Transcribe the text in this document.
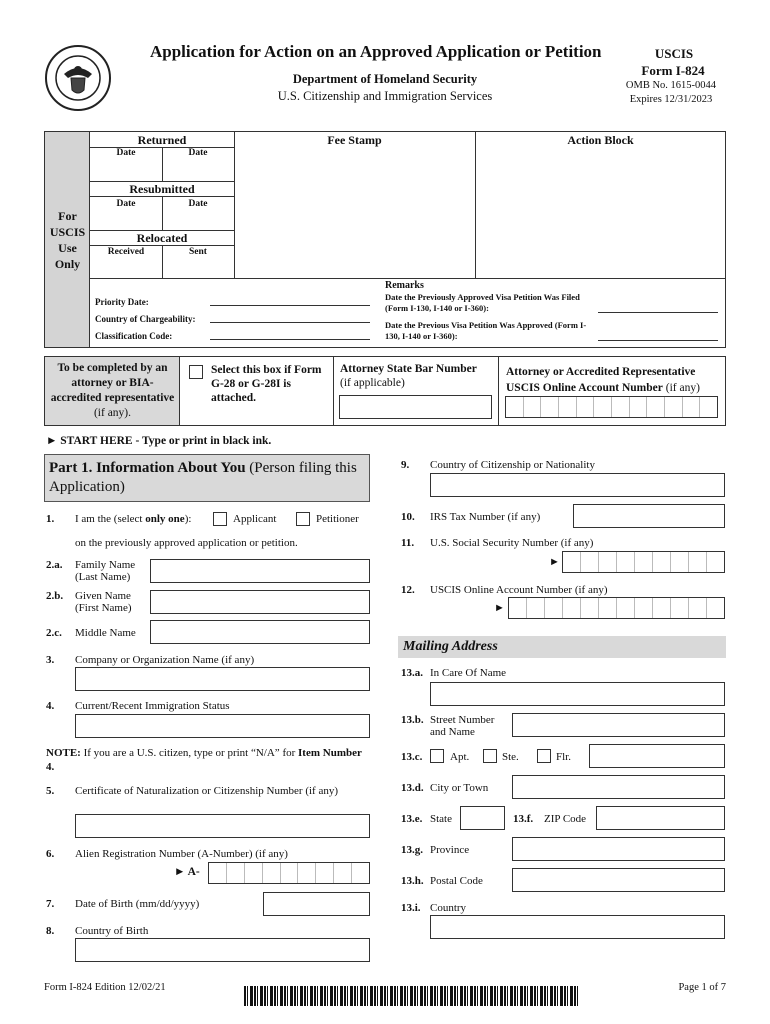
Application for Action on an Approved Application or Petition
Department of Homeland Security
U.S. Citizenship and Immigration Services
USCIS
Form I-824
OMB No. 1615-0044
Expires 12/31/2023
For USCIS Use Only
Returned
Date	Date
Resubmitted
Date	Date
Relocated
Received	Sent
Fee Stamp	Action Block
Priority Date:
Country of Chargeability:
Classification Code:
Remarks
Date the Previously Approved Visa Petition Was Filed (Form I-130, I-140 or I-360):
Date the Previous Visa Petition Was Approved (Form I-130, I-140 or I-360):
To be completed by an attorney or BIA-accredited representative (if any).
Select this box if Form G-28 or G-28I is attached.
Attorney State Bar Number
(if applicable)
Attorney or Accredited Representative USCIS Online Account Number (if any)
► START HERE - Type or print in black ink.
Part 1. Information About You (Person filing this Application)
1. I am the (select only one):	Applicant	Petitioner
on the previously approved application or petition.
2.a. Family Name (Last Name)
2.b. Given Name (First Name)
2.c. Middle Name
3. Company or Organization Name (if any)
4. Current/Recent Immigration Status
NOTE: If you are a U.S. citizen, type or print “N/A” for Item Number 4.
5. Certificate of Naturalization or Citizenship Number (if any)
6. Alien Registration Number (A-Number) (if any)
► A-
7. Date of Birth (mm/dd/yyyy)
8. Country of Birth
9. Country of Citizenship or Nationality
10. IRS Tax Number (if any)
11. U.S. Social Security Number (if any)
►
12. USCIS Online Account Number (if any)
►
Mailing Address
13.a. In Care Of Name
13.b. Street Number and Name
13.c.	Apt.	Ste.	Flr.
13.d. City or Town
13.e. State	13.f. ZIP Code
13.g. Province
13.h. Postal Code
13.i. Country
Form I-824 Edition 12/02/21	Page 1 of 7
